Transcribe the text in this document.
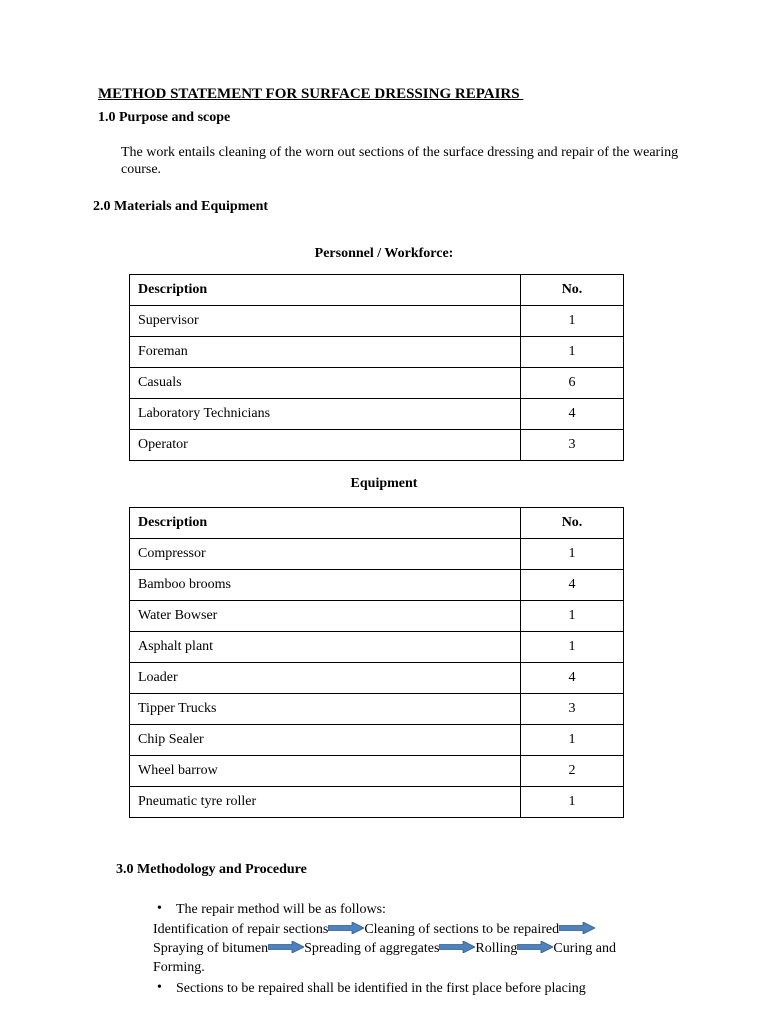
METHOD STATEMENT FOR SURFACE DRESSING REPAIRS
1.0 Purpose and scope
The work entails cleaning of the worn out sections of the surface dressing and repair of the wearing course.
2.0 Materials and Equipment
Personnel / Workforce:
Description	No.
Supervisor	1
Foreman	1
Casuals	6
Laboratory Technicians	4
Operator	3
Equipment
Description	No.
Compressor	1
Bamboo brooms	4
Water Bowser	1
Asphalt plant	1
Loader	4
Tipper Trucks	3
Chip Sealer	1
Wheel barrow	2
Pneumatic tyre roller	1
3.0 Methodology and Procedure
• The repair method will be as follows:
Identification of repair sections	Cleaning of sections to be repaired
Spraying of bitumen	Spreading of aggregates	Rolling	Curing and
Forming.
• Sections to be repaired shall be identified in the first place before placing
